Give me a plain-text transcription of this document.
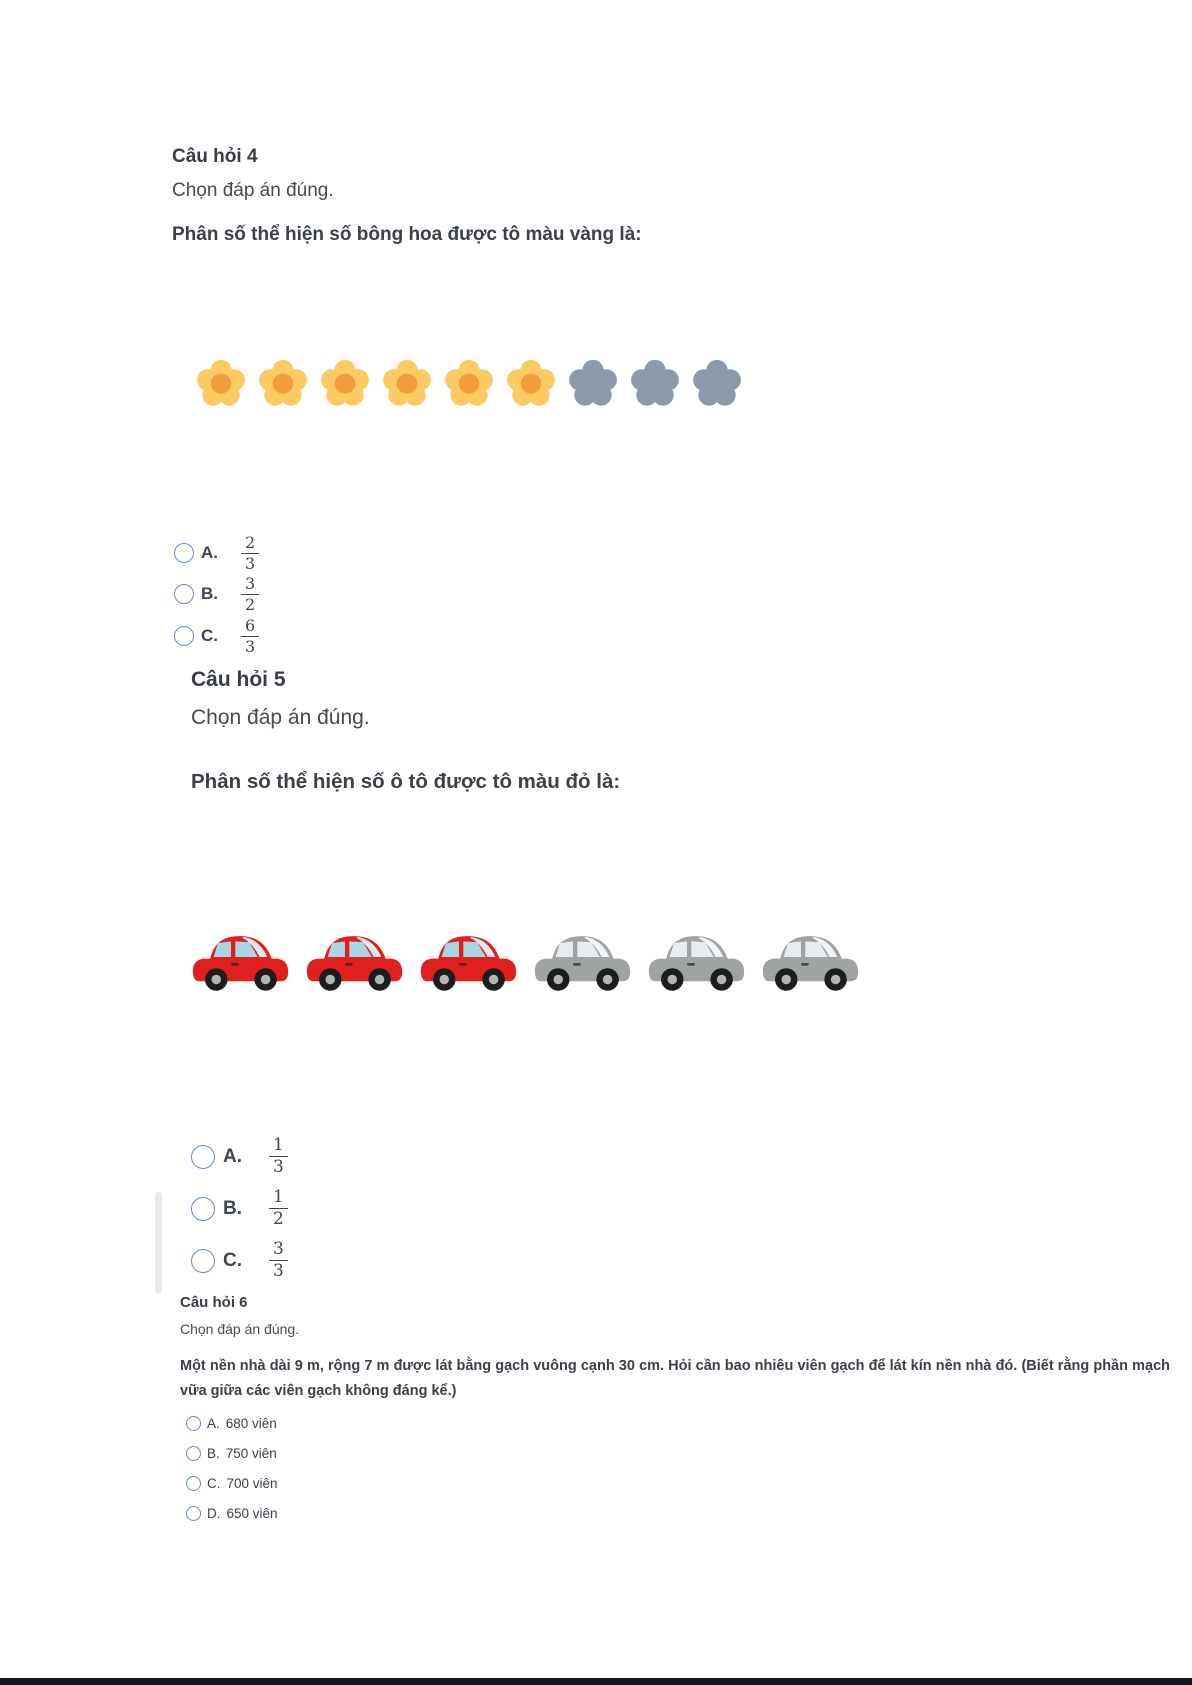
Câu hỏi 4
Chọn đáp án đúng.
Phân số thể hiện số bông hoa được tô màu vàng là:
A.	$\frac{2}{3}$
B.	$\frac{3}{2}$
C.	$\frac{6}{3}$
Câu hỏi 5
Chọn đáp án đúng.
Phân số thể hiện số ô tô được tô màu đỏ là:
A.	$\frac{1}{3}$
B.	$\frac{1}{2}$
C.	$\frac{3}{3}$
Câu hỏi 6
Chọn đáp án đúng.
Một nền nhà dài 9 m, rộng 7 m được lát bằng gạch vuông cạnh 30 cm. Hỏi cần bao nhiêu viên gạch để lát kín nền nhà đó. (Biết rằng phần mạch vữa giữa các viên gạch không đáng kể.)
A. 680 viên
B. 750 viên
C. 700 viên
D. 650 viên
